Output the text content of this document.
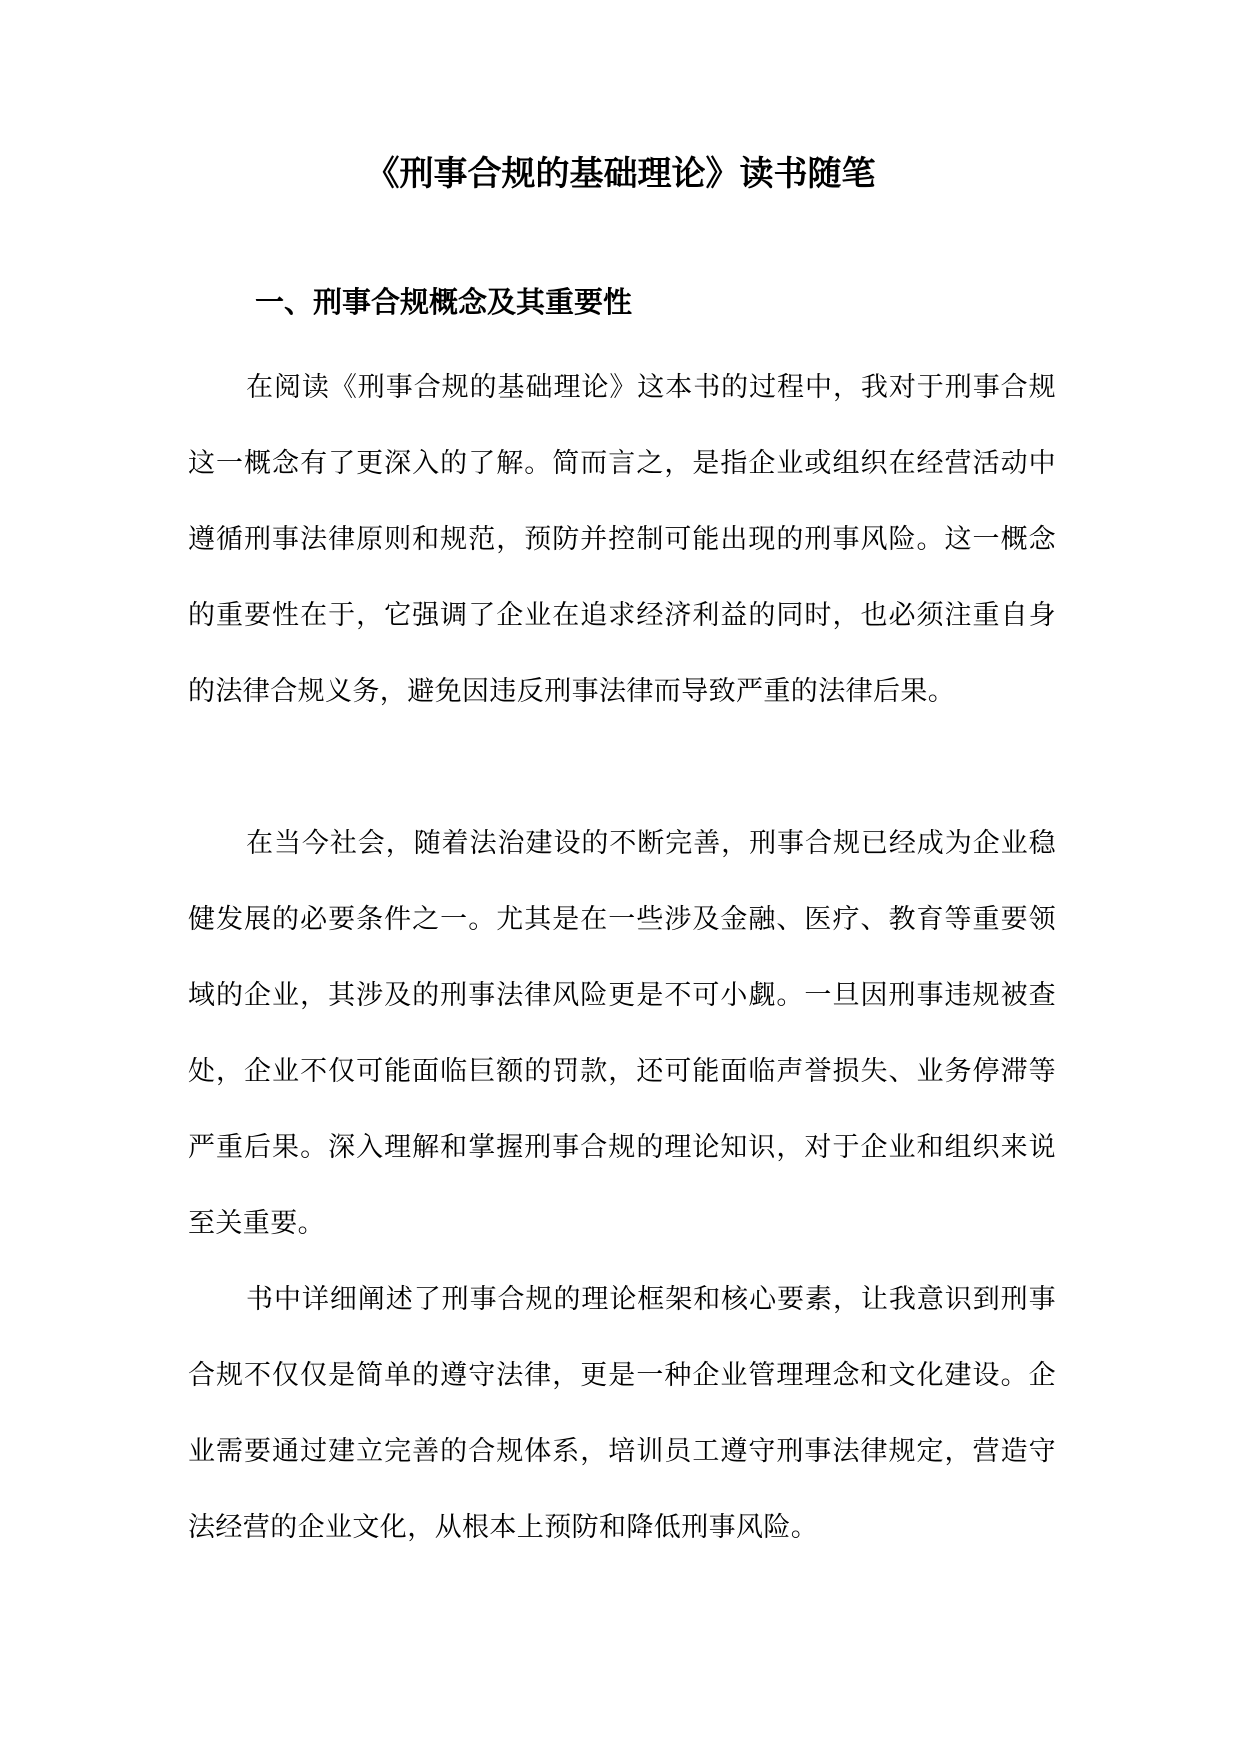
《刑事合规的基础理论》读书随笔
一、刑事合规概念及其重要性

在阅读《刑事合规的基础理论》这本书的过程中，我对于刑事合规这一概念有了更深入的了解。简而言之，是指企业或组织在经营活动中遵循刑事法律原则和规范，预防并控制可能出现的刑事风险。这一概念的重要性在于，它强调了企业在追求经济利益的同时，也必须注重自身的法律合规义务，避免因违反刑事法律而导致严重的法律后果。

在当今社会，随着法治建设的不断完善，刑事合规已经成为企业稳健发展的必要条件之一。尤其是在一些涉及金融、医疗、教育等重要领域的企业，其涉及的刑事法律风险更是不可小觑。一旦因刑事违规被查处，企业不仅可能面临巨额的罚款，还可能面临声誉损失、业务停滞等严重后果。深入理解和掌握刑事合规的理论知识，对于企业和组织来说至关重要。

书中详细阐述了刑事合规的理论框架和核心要素，让我意识到刑事合规不仅仅是简单的遵守法律，更是一种企业管理理念和文化建设。企业需要通过建立完善的合规体系，培训员工遵守刑事法律规定，营造守法经营的企业文化，从根本上预防和降低刑事风险。
